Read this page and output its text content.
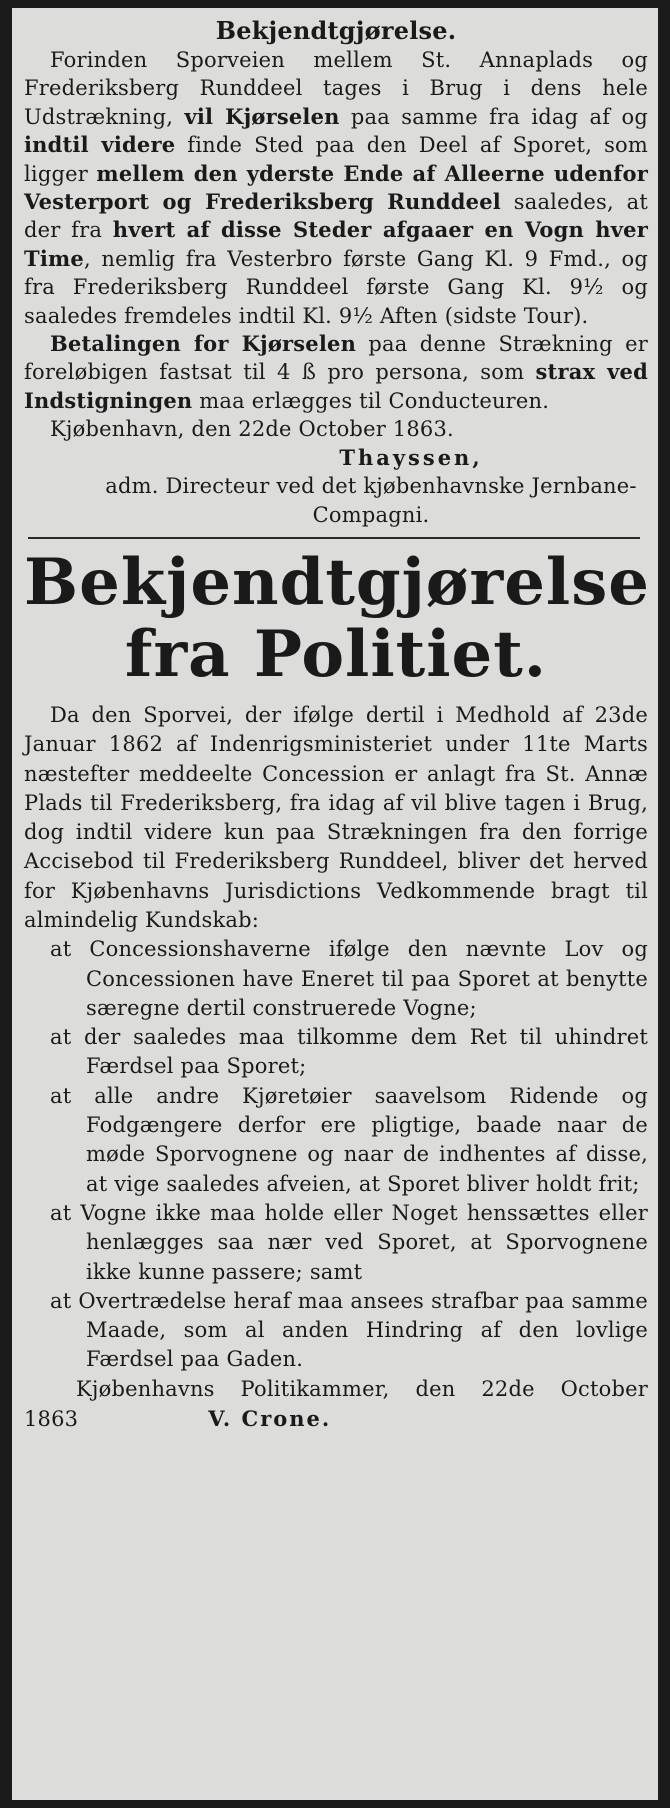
Bekjendtgjørelse.

Forinden Sporveien mellem St. Annaplads og Frederiksberg Runddeel tages i Brug i dens hele Udstrækning, vil Kjørselen paa samme fra idag af og indtil videre finde Sted paa den Deel af Sporet, som ligger mellem den yderste Ende af Alleerne udenfor Vesterport og Frederiksberg Runddeel saaledes, at der fra hvert af disse Steder afgaaer en Vogn hver Time, nemlig fra Vesterbro første Gang Kl. 9 Fmd., og fra Frederiksberg Runddeel første Gang Kl. 9½ og saaledes fremdeles indtil Kl. 9½ Aften (sidste Tour).

Betalingen for Kjørselen paa denne Strækning er foreløbigen fastsat til 4 ß pro persona, som strax ved Indstigningen maa erlægges til Conducteuren.

Kjøbenhavn, den 22de October 1863.

Thayssen,

adm. Directeur ved det kjøbenhavnske Jernbane-Compagni.

Bekjendtgjørelse
fra Politiet.

Da den Sporvei, der ifølge dertil i Medhold af 23de Januar 1862 af Indenrigsministeriet under 11te Marts næstefter meddeelte Concession er anlagt fra St. Annæ Plads til Frederiksberg, fra idag af vil blive tagen i Brug, dog indtil videre kun paa Strækningen fra den forrige Accisebod til Frederiksberg Runddeel, bliver det herved for Kjøbenhavns Jurisdictions Vedkommende bragt til almindelig Kundskab:

at Concessionshaverne ifølge den nævnte Lov og Concessionen have Eneret til paa Sporet at benytte særegne dertil construerede Vogne;

at der saaledes maa tilkomme dem Ret til uhindret Færdsel paa Sporet;

at alle andre Kjøretøier saavelsom Ridende og Fodgængere derfor ere pligtige, baade naar de møde Sporvognene og naar de indhentes af disse, at vige saaledes afveien, at Sporet bliver holdt frit;

at Vogne ikke maa holde eller Noget henssættes eller henlægges saa nær ved Sporet, at Sporvognene ikke kunne passere; samt

at Overtrædelse heraf maa ansees strafbar paa samme Maade, som al anden Hindring af den lovlige Færdsel paa Gaden.

Kjøbenhavns Politikammer, den 22de October 1863	V. Crone.
